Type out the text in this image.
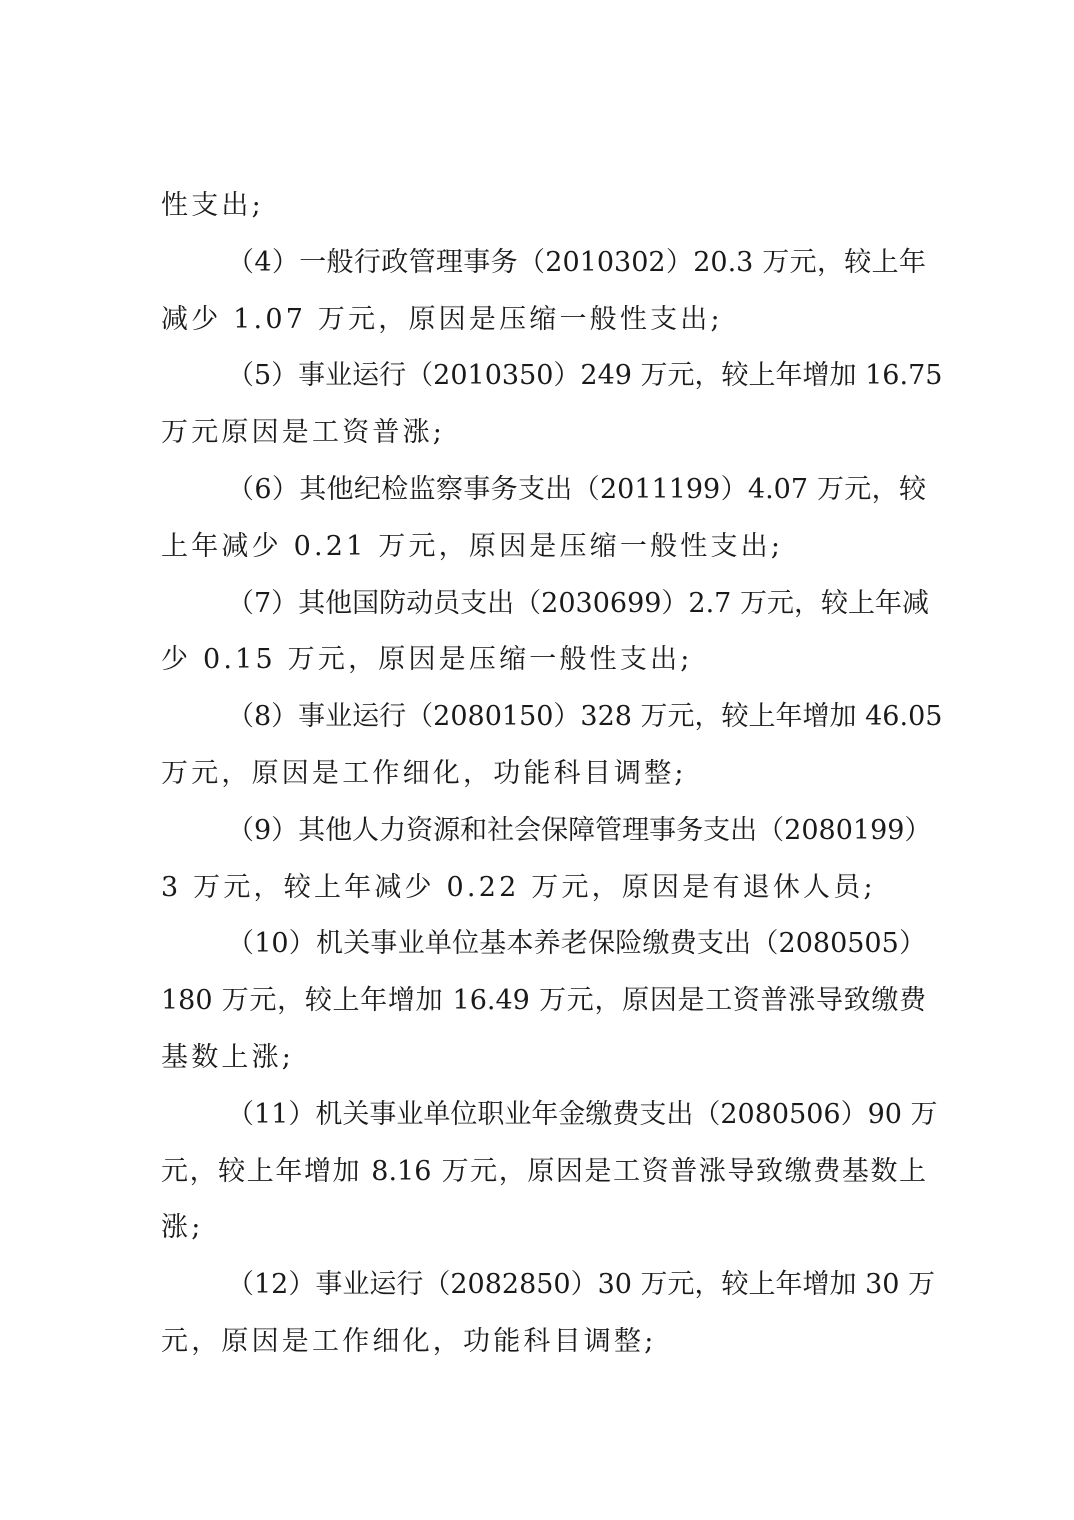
性支出;
（4）一般行政管理事务（2010302）20.3 万元，较上年
减少 1.07 万元，原因是压缩一般性支出;
（5）事业运行（2010350）249 万元，较上年增加 16.75
万元原因是工资普涨;
（6）其他纪检监察事务支出（2011199）4.07 万元，较
上年减少 0.21 万元，原因是压缩一般性支出;
（7）其他国防动员支出（2030699）2.7 万元，较上年减
少 0.15 万元，原因是压缩一般性支出;
（8）事业运行（2080150）328 万元，较上年增加 46.05
万元，原因是工作细化，功能科目调整;
（9）其他人力资源和社会保障管理事务支出（2080199）
3 万元，较上年减少 0.22 万元，原因是有退休人员;
（10）机关事业单位基本养老保险缴费支出（2080505）
180 万元，较上年增加 16.49 万元，原因是工资普涨导致缴费
基数上涨;
（11）机关事业单位职业年金缴费支出（2080506）90 万
元，较上年增加 8.16 万元，原因是工资普涨导致缴费基数上
涨;
（12）事业运行（2082850）30 万元，较上年增加 30 万
元，原因是工作细化，功能科目调整;
